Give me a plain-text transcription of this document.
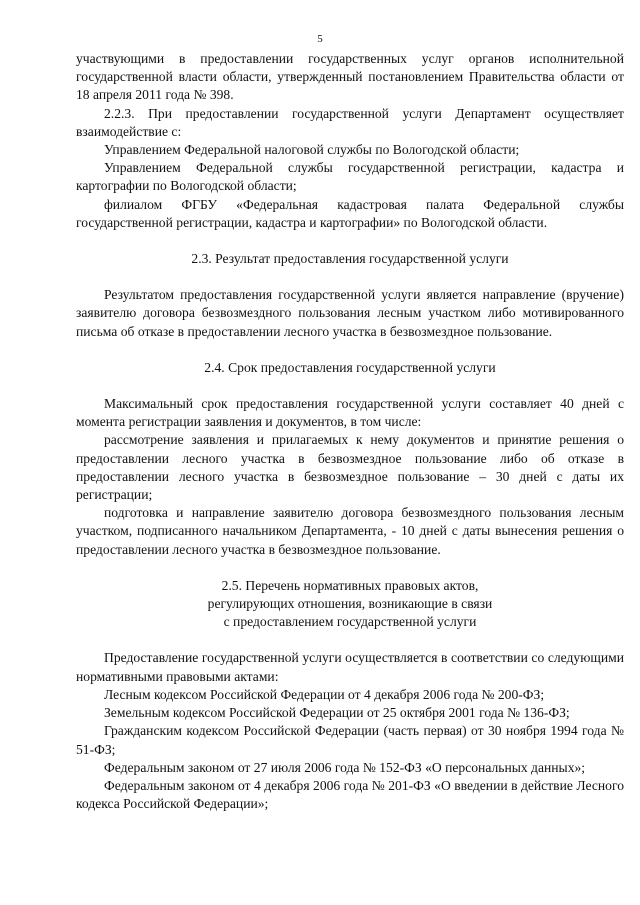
5

участвующими в предоставлении государственных услуг органов исполнительной государственной власти области, утвержденный постановлением Правительства области от 18 апреля 2011 года № 398.

2.2.3. При предоставлении государственной услуги Департамент осуществляет взаимодействие с:

Управлением Федеральной налоговой службы по Вологодской области;

Управлением Федеральной службы государственной регистрации, кадастра и картографии по Вологодской области;

филиалом ФГБУ «Федеральная кадастровая палата Федеральной службы государственной регистрации, кадастра и картографии» по Вологодской области.

2.3. Результат предоставления государственной услуги

Результатом предоставления государственной услуги является направление (вручение) заявителю договора безвозмездного пользования лесным участком либо мотивированного письма об отказе в предоставлении лесного участка в безвозмездное пользование.

2.4. Срок предоставления государственной услуги

Максимальный срок предоставления государственной услуги составляет 40 дней с момента регистрации заявления и документов, в том числе:

рассмотрение заявления и прилагаемых к нему документов и принятие решения о предоставлении лесного участка в безвозмездное пользование либо об отказе в предоставлении лесного участка в безвозмездное пользование – 30 дней с даты их регистрации;

подготовка и направление заявителю договора безвозмездного пользования лесным участком, подписанного начальником Департамента, - 10 дней с даты вынесения решения о предоставлении лесного участка в безвозмездное пользование.

2.5. Перечень нормативных правовых актов,

регулирующих отношения, возникающие в связи

с предоставлением государственной услуги

Предоставление государственной услуги осуществляется в соответствии со следующими нормативными правовыми актами:

Лесным кодексом Российской Федерации от 4 декабря 2006 года № 200-ФЗ;

Земельным кодексом Российской Федерации от 25 октября 2001 года № 136-ФЗ;

Гражданским кодексом Российской Федерации (часть первая) от 30 ноября 1994 года № 51-ФЗ;

Федеральным законом от 27 июля 2006 года № 152-ФЗ «О персональных данных»;

Федеральным законом от 4 декабря 2006 года № 201-ФЗ «О введении в действие Лесного кодекса Российской Федерации»;
